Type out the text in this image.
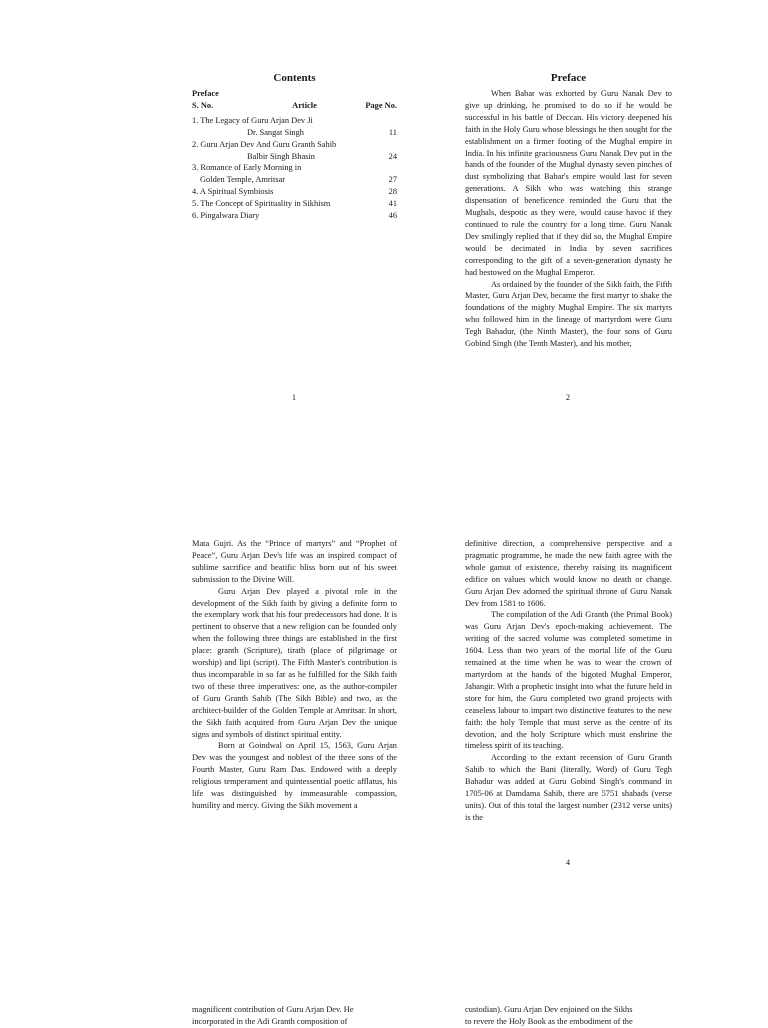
Contents
Preface
S. No.	Article	Page No.
1. The Legacy of Guru Arjan Dev Ji
Dr. Sangat Singh	11
2. Guru Arjan Dev And Guru Granth Sahib
Balbir Singh Bhasin	24
3. Romance of Early Morning in
Golden Temple, Amritsar	27
4. A Spiritual Symbiosis	28
5. The Concept of Spirituality in Sikhism	41
6. Pingalwara Diary	46
1
Preface

When Babar was exhorted by Guru Nanak Dev to give up drinking, he promised to do so if he would be successful in his battle of Deccan. His victory deepened his faith in the Holy Guru whose blessings he then sought for the establishment on a firmer footing of the Mughal empire in India. In his infinite graciousness Guru Nanak Dev put in the hands of the founder of the Mughal dynasty seven pinches of dust symbolizing that Babar's empire would last for seven generations. A Sikh who was watching this strange dispensation of beneficence reminded the Guru that the Mughals, despotic as they were, would cause havoc if they continued to rule the country for a long time. Guru Nanak Dev smilingly replied that if they did so, the Mughal Empire would be decimated in India by seven sacrifices corresponding to the gift of a seven-generation dynasty he had bestowed on the Mughal Emperor.

As ordained by the founder of the Sikh faith, the Fifth Master, Guru Arjan Dev, became the first martyr to shake the foundations of the mighty Mughal Empire. The six martyrs who followed him in the lineage of martyrdom were Guru Tegh Bahadur, (the Ninth Master), the four sons of Guru Gobind Singh (the Tenth Master), and his mother,

2

Mata Gujri. As the “Prince of martyrs” and “Prophet of Peace”, Guru Arjan Dev's life was an inspired compact of sublime sacrifice and beatific bliss born out of his sweet submission to the Divine Will.

Guru Arjan Dev played a pivotal role in the development of the Sikh faith by giving a definite form to the exemplary work that his four predecessors had done. It is pertinent to observe that a new religion can be founded only when the following three things are established in the first place: granth (Scripture), tirath (place of pilgrimage or worship) and lipi (script). The Fifth Master's contribution is thus incomparable in so far as he fulfilled for the Sikh faith two of these three imperatives: one, as the author-compiler of Guru Granth Sahib (The Sikh Bible) and two, as the architect-builder of the Golden Temple at Amritsar. In short, the Sikh faith acquired from Guru Arjan Dev the unique signs and symbols of distinct spiritual entity.

Born at Goindwal on April 15, 1563, Guru Arjan Dev was the youngest and noblest of the three sons of the Fourth Master, Guru Ram Das. Endowed with a deeply religious temperament and quintessential poetic afflatus, his life was distinguished by immeasurable compassion, humility and mercy. Giving the Sikh movement a

definitive direction, a comprehensive perspective and a pragmatic programme, he made the new faith agree with the whole gamut of existence, thereby raising its magnificent edifice on values which would know no death or change. Guru Arjan Dev adorned the spiritual throne of Guru Nanak Dev from 1581 to 1606.

The compilation of the Adi Granth (the Primal Book) was Guru Arjan Dev's epoch-making achievement. The writing of the sacred volume was completed sometime in 1604. Less than two years of the mortal life of the Guru remained at the time when he was to wear the crown of martyrdom at the hands of the bigoted Mughal Emperor, Jahangir. With a prophetic insight into what the future held in store for him, the Guru completed two grand projects with ceaseless labour to impart two distinctive features to the new faith: the holy Temple that must serve as the centre of its devotion, and the holy Scripture which must enshrine the timeless spirit of its teaching.

According to the extant recension of Guru Granth Sahib to which the Bani (literally, Word) of Guru Tegh Bahadur was added at Guru Gobind Singh's command in 1705-06 at Damdama Sahib, there are 5751 shabads (verse units). Out of this total the largest number (2312 verse units) is the

4
magnificent contribution of Guru Arjan Dev. He
incorporated in the Adi Granth composition of
custodian). Guru Arjan Dev enjoined on the Sikhs
to revere the Holy Book as the embodiment of the
